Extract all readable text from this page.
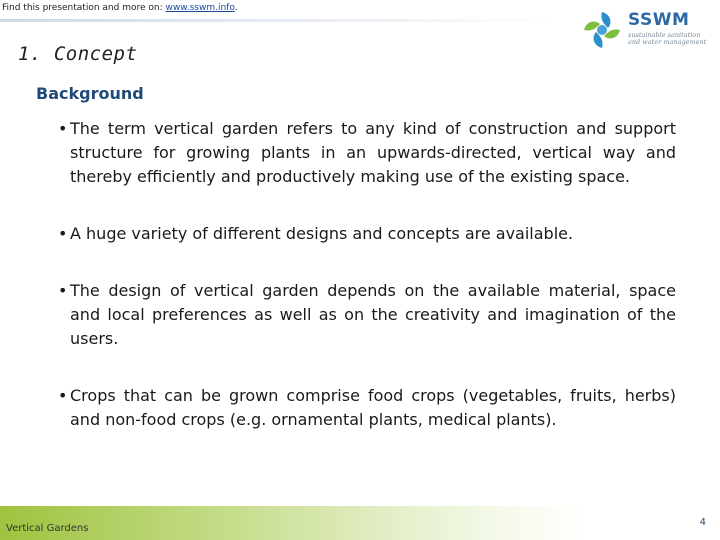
Find this presentation and more on: www.sswm.info.
SSWM
sustainable sanitation
and water management
1. Concept
Background
• The term vertical garden refers to any kind of construction and support structure for growing plants in an upwards-directed, vertical way and thereby efficiently and productively making use of the existing space.
• A huge variety of different designs and concepts are available.
• The design of vertical garden depends on the available material, space and local preferences as well as on the creativity and imagination of the users.
• Crops that can be grown comprise food crops (vegetables, fruits, herbs) and non-food crops (e.g. ornamental plants, medical plants).
Vertical Gardens
4
